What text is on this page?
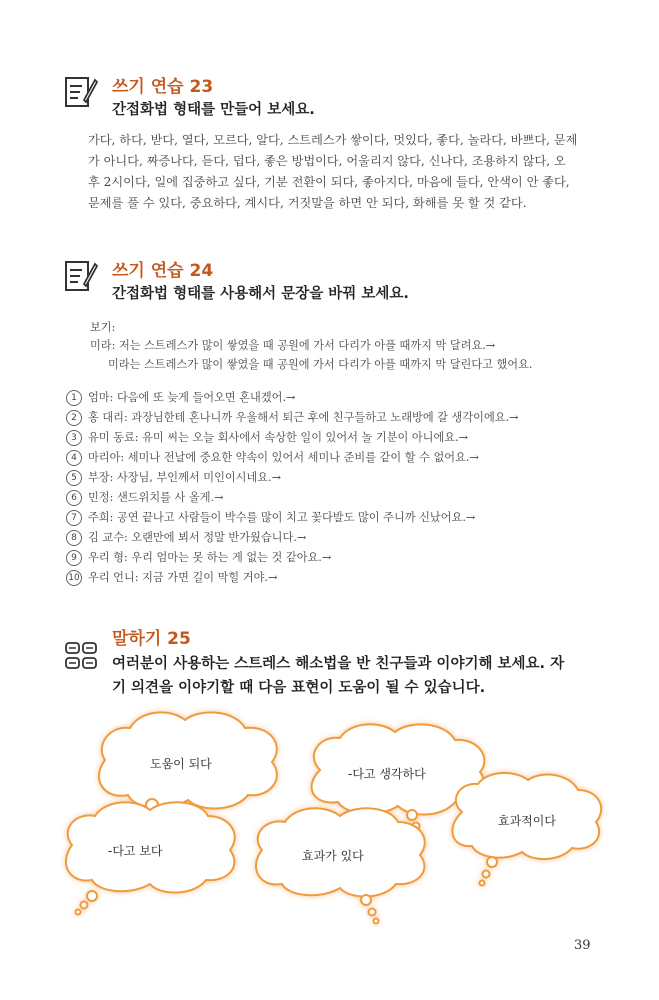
쓰기 연습 23
간접화법 형태를 만들어 보세요.
가다, 하다, 받다, 열다, 모르다, 알다, 스트레스가 쌓이다, 멋있다, 좋다, 놀라다, 바쁘다, 문제
가 아니다, 짜증나다, 듣다, 덥다, 좋은 방법이다, 어울리지 않다, 신나다, 조용하지 않다, 오
후 2시이다, 일에 집중하고 싶다, 기분 전환이 되다, 좋아지다, 마음에 들다, 안색이 안 좋다,
문제를 풀 수 있다, 중요하다, 계시다, 거짓말을 하면 안 되다, 화해를 못 할 것 같다.
쓰기 연습 24
간접화법 형태를 사용해서 문장을 바꿔 보세요.
보기:
미라: 저는 스트레스가 많이 쌓였을 때 공원에 가서 다리가 아플 때까지 막 달려요.→
미라는 스트레스가 많이 쌓였을 때 공원에 가서 다리가 아플 때까지 막 달린다고 했어요.
1 엄마: 다음에 또 늦게 들어오면 혼내겠어.→
2 홍 대리: 과장님한테 혼나니까 우울해서 퇴근 후에 친구들하고 노래방에 갈 생각이에요.→
3 유미 동료: 유미 씨는 오늘 회사에서 속상한 일이 있어서 놀 기분이 아니에요.→
4 마리아: 세미나 전날에 중요한 약속이 있어서 세미나 준비를 같이 할 수 없어요.→
5 부장: 사장님, 부인께서 미인이시네요.→
6 민정: 샌드위치를 사 올게.→
7 주희: 공연 끝나고 사람들이 박수를 많이 치고 꽃다발도 많이 주니까 신났어요.→
8 김 교수: 오랜만에 뵈서 정말 반가웠습니다.→
9 우리 형: 우리 엄마는 못 하는 게 없는 것 같아요.→
10 우리 언니: 지금 가면 길이 막힐 거야.→
말하기 25
여러분이 사용하는 스트레스 해소법을 반 친구들과 이야기해 보세요. 자
기 의견을 이야기할 때 다음 표현이 도움이 될 수 있습니다.
도움이 되다
-다고 생각하다
효과적이다
-다고 보다	효과가 있다
39
